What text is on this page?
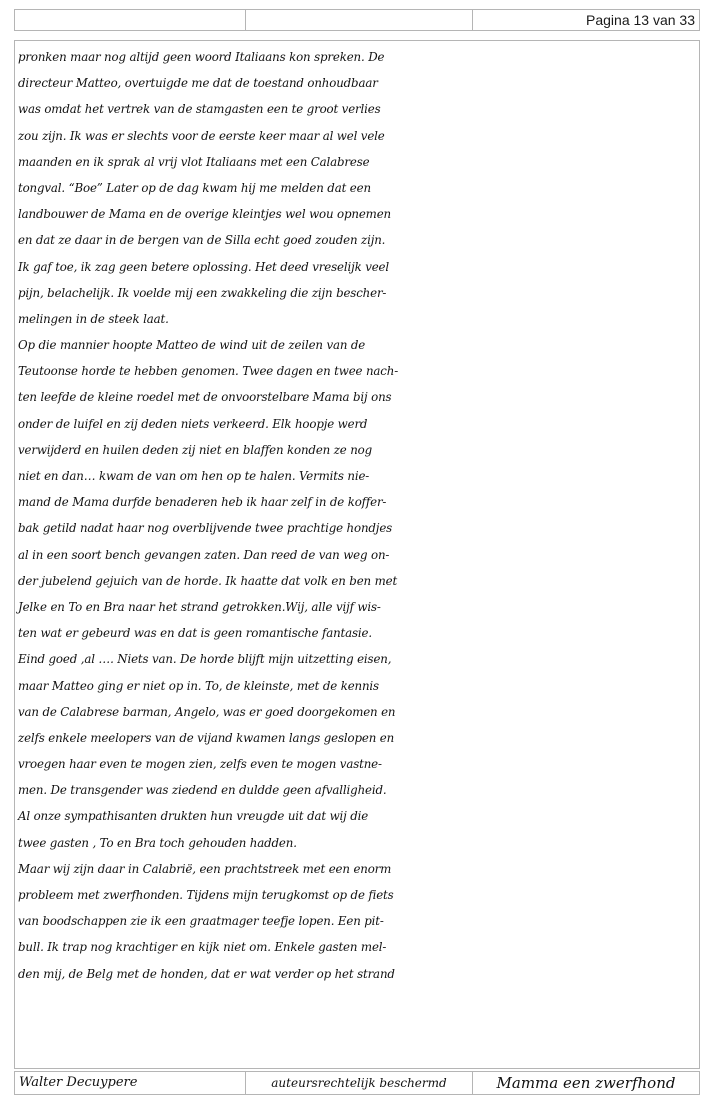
Pagina 13 van 33
pronken maar nog altijd geen woord Italiaans kon spreken. De
directeur Matteo, overtuigde me dat de toestand onhoudbaar
was omdat het vertrek van de stamgasten een te groot verlies
zou zijn. Ik was er slechts voor de eerste keer maar al wel vele
maanden en ik sprak al vrij vlot Italiaans met een Calabrese
tongval. “Boe” Later op de dag kwam hij me melden dat een
landbouwer de Mama en de overige kleintjes wel wou opnemen
en dat ze daar in de bergen van de Silla echt goed zouden zijn.
Ik gaf toe, ik zag geen betere oplossing. Het deed vreselijk veel
pijn, belachelijk. Ik voelde mij een zwakkeling die zijn bescher-
melingen in de steek laat.
Op die mannier hoopte Matteo de wind uit de zeilen van de
Teutoonse horde te hebben genomen. Twee dagen en twee nach-
ten leefde de kleine roedel met de onvoorstelbare Mama bij ons
onder de luifel en zij deden niets verkeerd. Elk hoopje werd
verwijderd en huilen deden zij niet en blaffen konden ze nog
niet en dan… kwam de van om hen op te halen. Vermits nie-
mand de Mama durfde benaderen heb ik haar zelf in de koffer-
bak getild nadat haar nog overblijvende twee prachtige hondjes
al in een soort bench gevangen zaten. Dan reed de van weg on-
der jubelend gejuich van de horde. Ik haatte dat volk en ben met
Jelke en To en Bra naar het strand getrokken.Wij, alle vijf wis-
ten wat er gebeurd was en dat is geen romantische fantasie.
Eind goed ,al …. Niets van. De horde blijft mijn uitzetting eisen,
maar Matteo ging er niet op in. To, de kleinste, met de kennis
van de Calabrese barman, Angelo, was er goed doorgekomen en
zelfs enkele meelopers van de vijand kwamen langs geslopen en
vroegen haar even te mogen zien, zelfs even te mogen vastne-
men. De transgender was ziedend en duldde geen afvalligheid.
Al onze sympathisanten drukten hun vreugde uit dat wij die
twee gasten , To en Bra toch gehouden hadden.
Maar wij zijn daar in Calabrië, een prachtstreek met een enorm
probleem met zwerfhonden. Tijdens mijn terugkomst op de fiets
van boodschappen zie ik een graatmager teefje lopen. Een pit-
bull. Ik trap nog krachtiger en kijk niet om. Enkele gasten mel-
den mij, de Belg met de honden, dat er wat verder op het strand
Walter Decuypere	auteursrechtelijk beschermd	Mamma een zwerfhond
